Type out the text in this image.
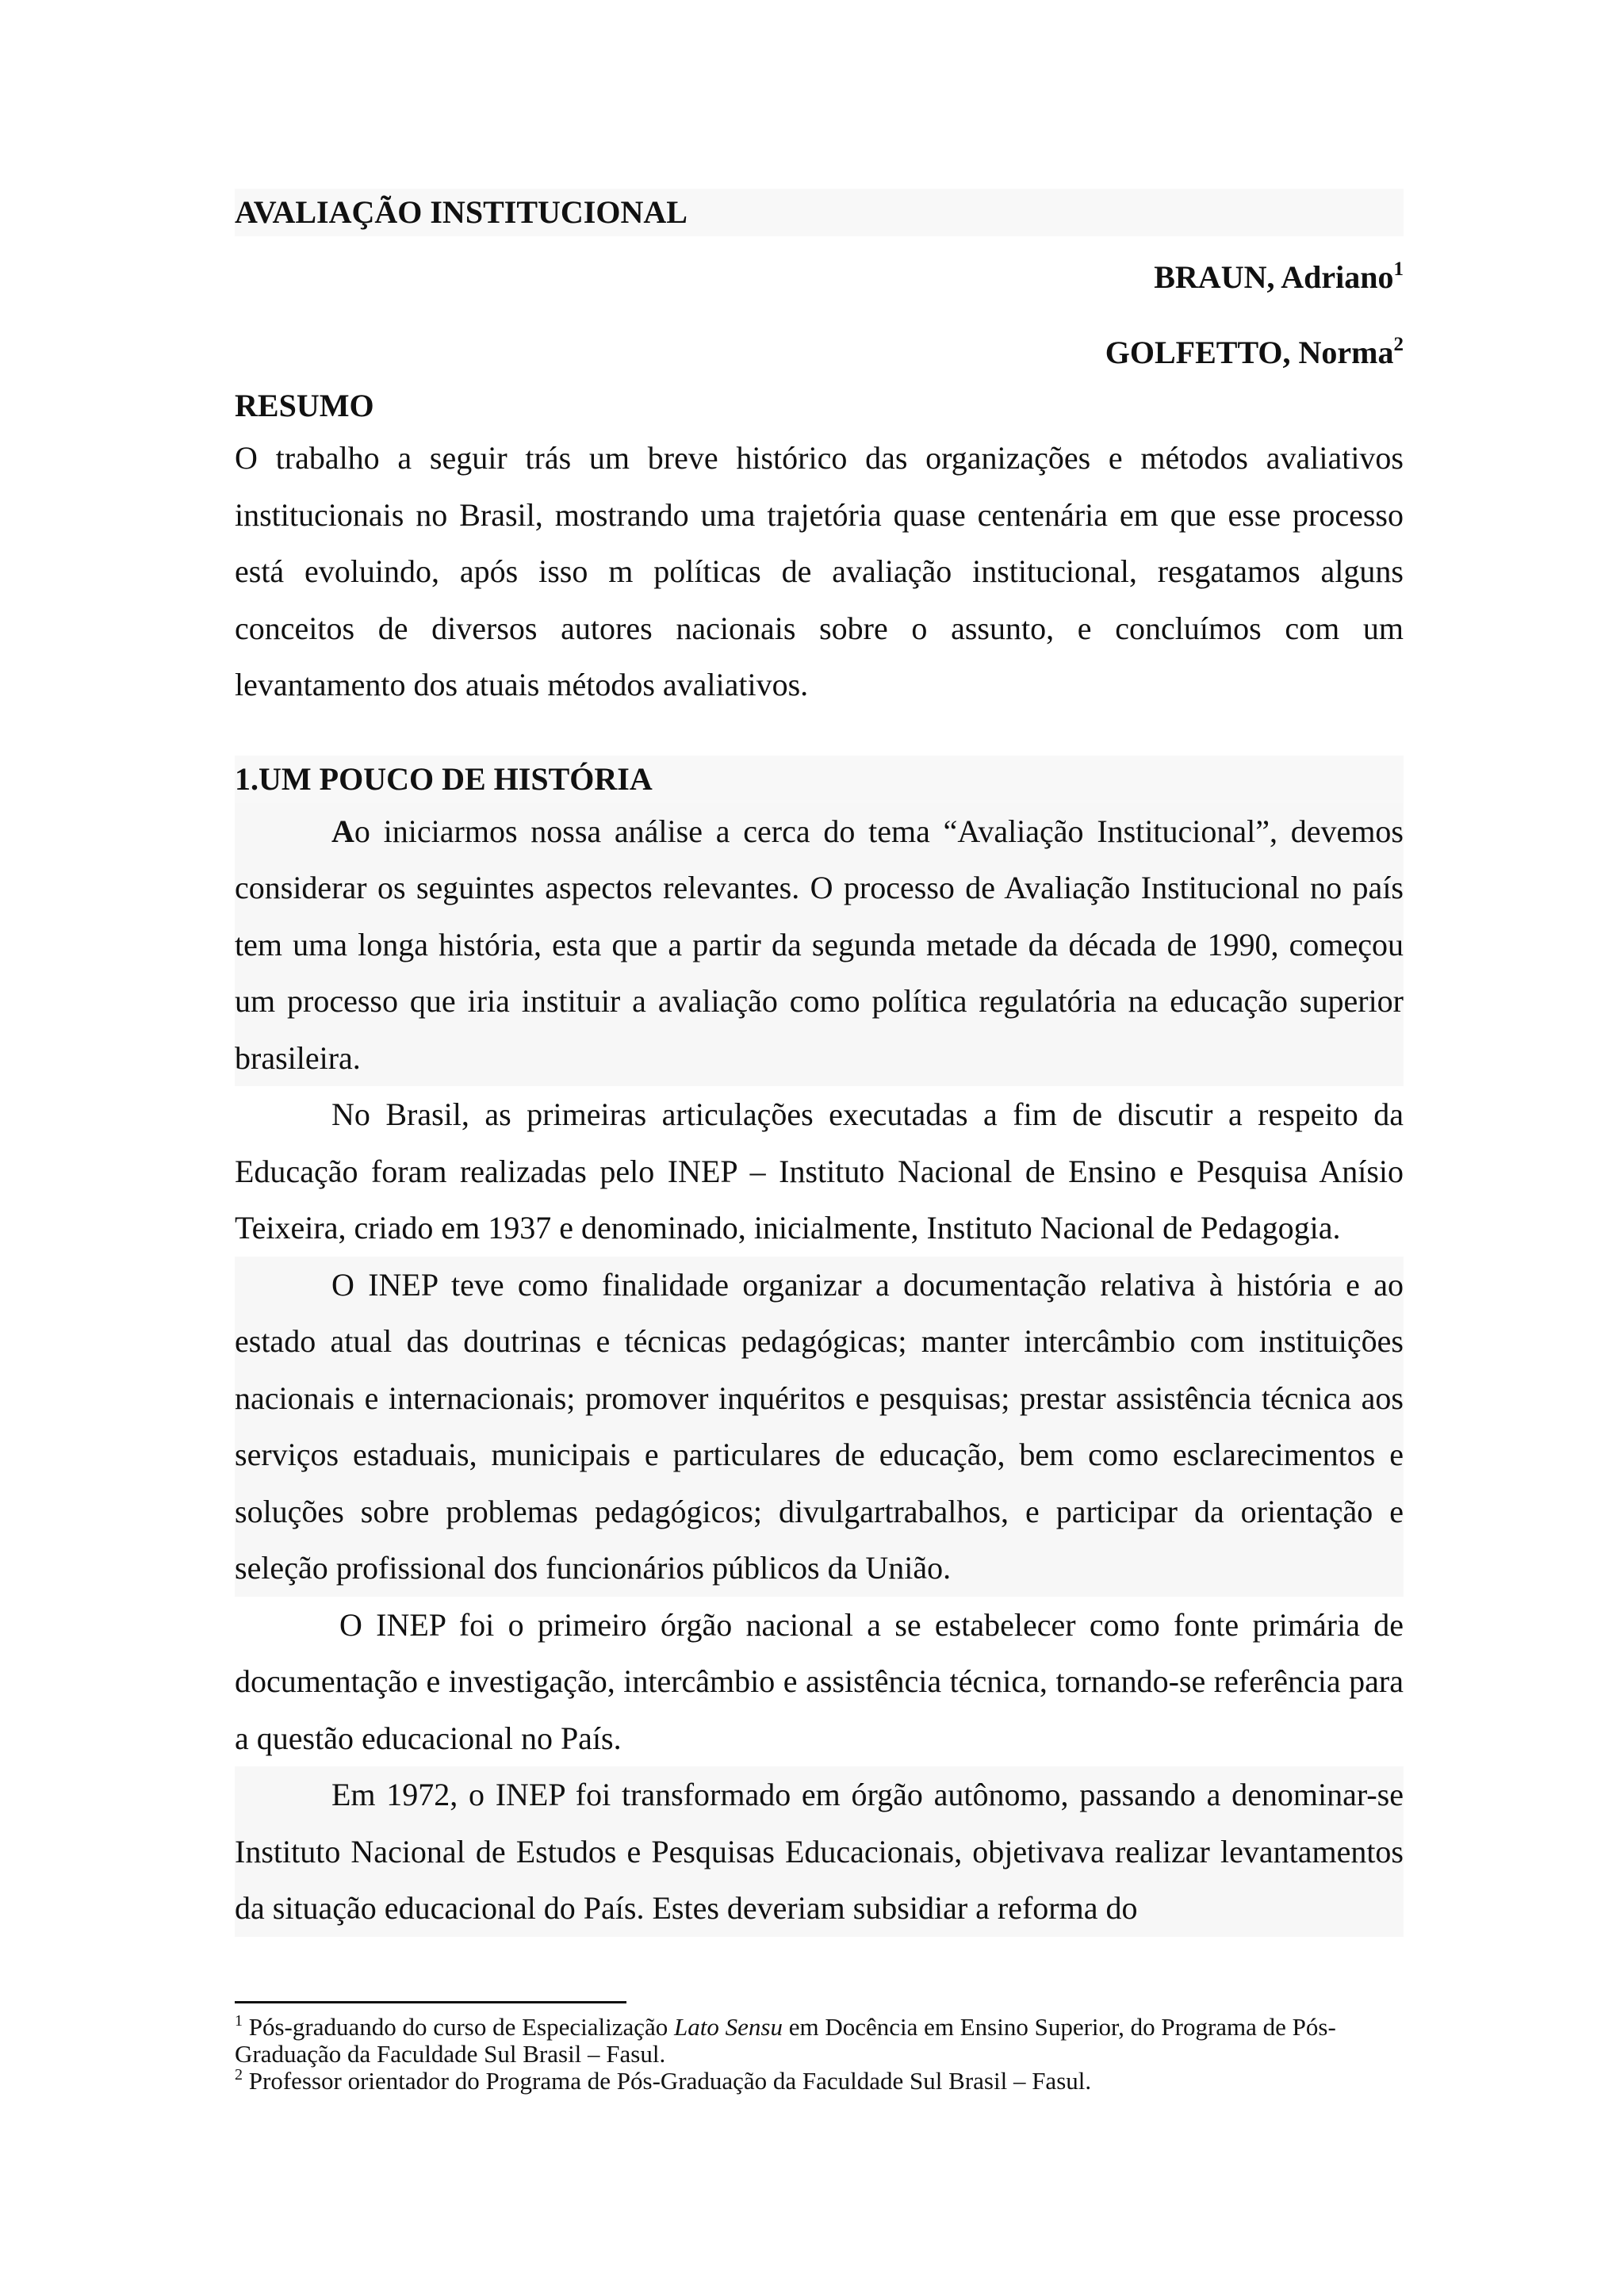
AVALIAÇÃO INSTITUCIONAL

BRAUN, Adriano$^1$

GOLFETTO, Norma$^2$

RESUMO

O trabalho a seguir trás um breve histórico das organizações e métodos avaliativos institucionais no Brasil, mostrando uma trajetória quase centenária em que esse processo está evoluindo, após isso m políticas de avaliação institucional, resgatamos alguns conceitos de diversos autores nacionais sobre o assunto, e concluímos com um levantamento dos atuais métodos avaliativos.

1.UM POUCO DE HISTÓRIA

Ao iniciarmos nossa análise a cerca do tema “Avaliação Institucional”, devemos considerar os seguintes aspectos relevantes. O processo de Avaliação Institucional no país tem uma longa história, esta que a partir da segunda metade da década de 1990, começou um processo que iria instituir a avaliação como política regulatória na educação superior brasileira.

No Brasil, as primeiras articulações executadas a fim de discutir a respeito da Educação foram realizadas pelo INEP – Instituto Nacional de Ensino e Pesquisa Anísio Teixeira, criado em 1937 e denominado, inicialmente, Instituto Nacional de Pedagogia.

O INEP teve como finalidade organizar a documentação relativa à história e ao estado atual das doutrinas e técnicas pedagógicas; manter intercâmbio com instituições nacionais e internacionais; promover inquéritos e pesquisas; prestar assistência técnica aos serviços estaduais, municipais e particulares de educação, bem como esclarecimentos e soluções sobre problemas pedagógicos; divulgartrabalhos, e participar da orientação e seleção profissional dos funcionários públicos da União.

O INEP foi o primeiro órgão nacional a se estabelecer como fonte primária de documentação e investigação, intercâmbio e assistência técnica, tornando-se referência para a questão educacional no País.

Em 1972, o INEP foi transformado em órgão autônomo, passando a denominar-se Instituto Nacional de Estudos e Pesquisas Educacionais, objetivava realizar levantamentos da situação educacional do País. Estes deveriam subsidiar a reforma do

$^1$ Pós-graduando do curso de Especialização Lato Sensu em Docência em Ensino Superior, do Programa de Pós-Graduação da Faculdade Sul Brasil – Fasul.

$^2$ Professor orientador do Programa de Pós-Graduação da Faculdade Sul Brasil – Fasul.
